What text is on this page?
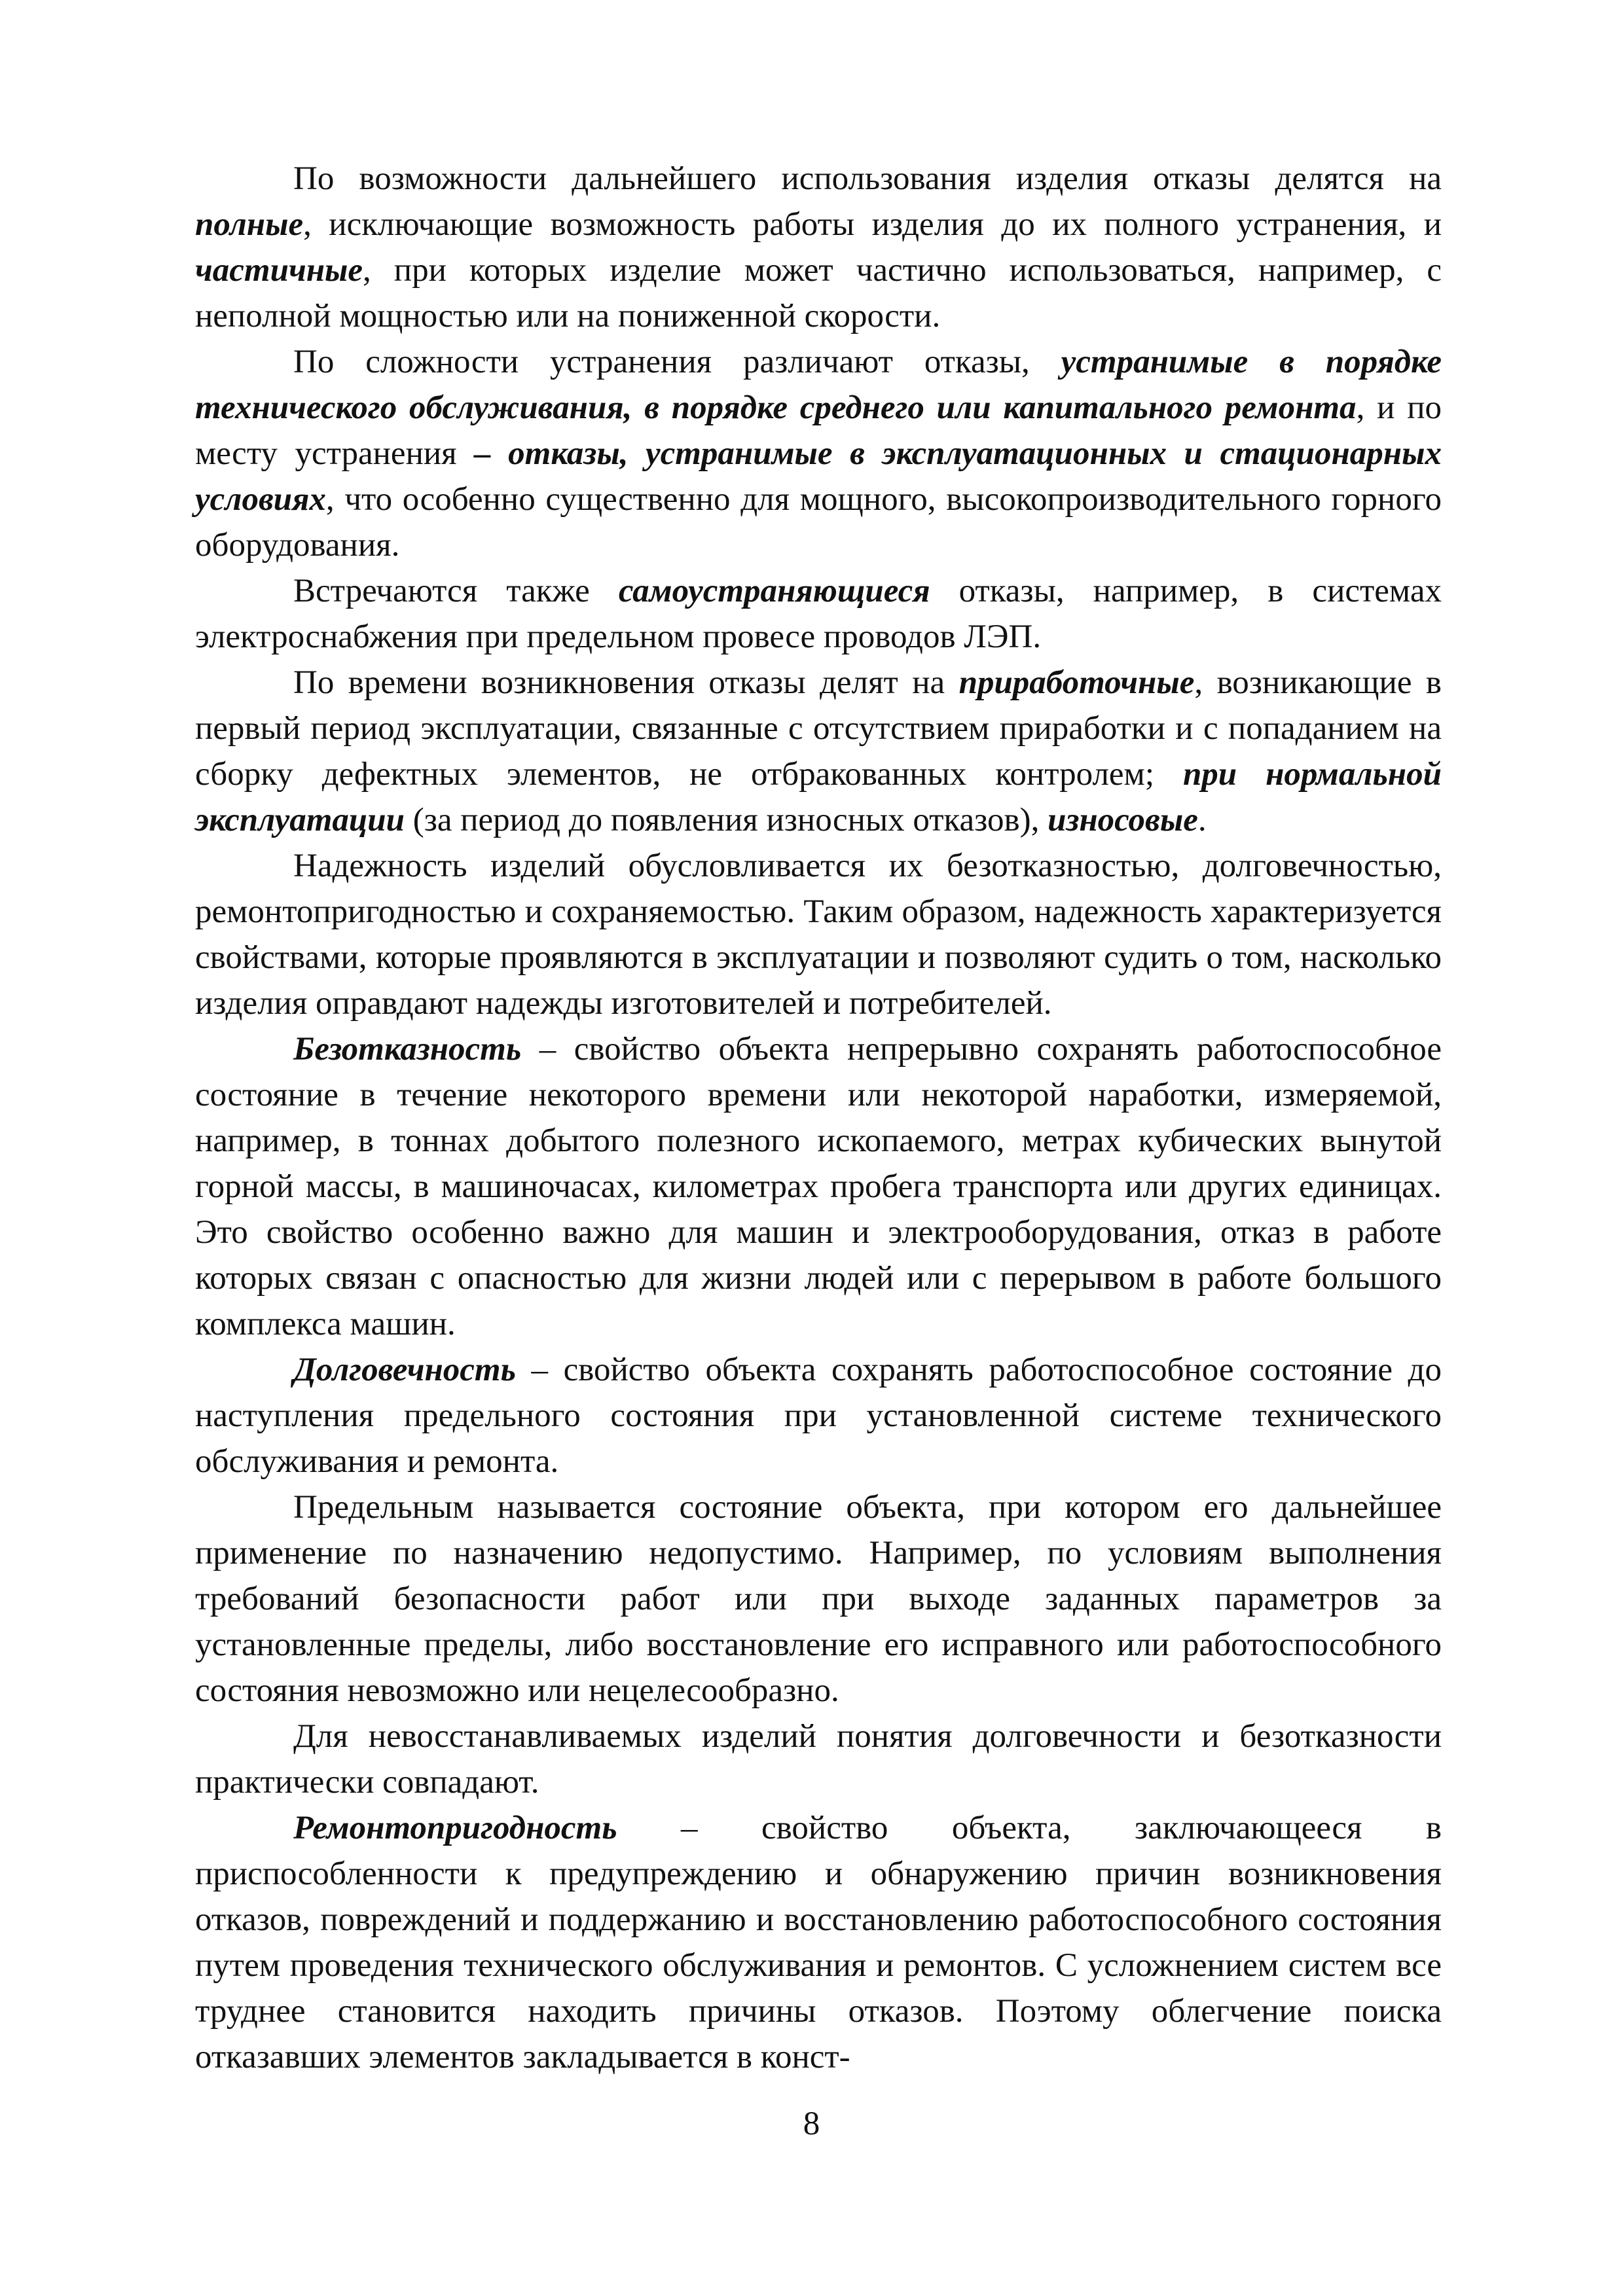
По возможности дальнейшего использования изделия отказы делятся на полные, исключающие возможность работы изделия до их полного устранения, и частичные, при которых изделие может частично использоваться, например, с неполной мощностью или на пониженной скорости.

По сложности устранения различают отказы, устранимые в порядке технического обслуживания, в порядке среднего или капитального ремонта, и по месту устранения – отказы, устранимые в эксплуатационных и стационарных условиях, что особенно существенно для мощного, высокопроизводительного горного оборудования.

Встречаются также самоустраняющиеся отказы, например, в системах электроснабжения при предельном провесе проводов ЛЭП.

По времени возникновения отказы делят на приработочные, возникающие в первый период эксплуатации, связанные с отсутствием приработки и с попаданием на сборку дефектных элементов, не отбракованных контролем; при нормальной эксплуатации (за период до появления износных отказов), износовые.

Надежность изделий обусловливается их безотказностью, долговечностью, ремонтопригодностью и сохраняемостью. Таким образом, надежность характеризуется свойствами, которые проявляются в эксплуатации и позволяют судить о том, насколько изделия оправдают надежды изготовителей и потребителей.

Безотказность – свойство объекта непрерывно сохранять работоспособное состояние в течение некоторого времени или некоторой наработки, измеряемой, например, в тоннах добытого полезного ископаемого, метрах кубических вынутой горной массы, в машиночасах, километрах пробега транспорта или других единицах. Это свойство особенно важно для машин и электрооборудования, отказ в работе которых связан с опасностью для жизни людей или с перерывом в работе большого комплекса машин.

Долговечность – свойство объекта сохранять работоспособное состояние до наступления предельного состояния при установленной системе технического обслуживания и ремонта.

Предельным называется состояние объекта, при котором его дальнейшее применение по назначению недопустимо. Например, по условиям выполнения требований безопасности работ или при выходе заданных параметров за установленные пределы, либо восстановление его исправного или работоспособного состояния невозможно или нецелесообразно.

Для невосстанавливаемых изделий понятия долговечности и безотказности практически совпадают.

Ремонтопригодность – свойство объекта, заключающееся в приспособленности к предупреждению и обнаружению причин возникновения отказов, повреждений и поддержанию и восстановлению работоспособного состояния путем проведения технического обслуживания и ремонтов. С усложнением систем все труднее становится находить причины отказов. Поэтому облегчение поиска отказавших элементов закладывается в конст-

8
